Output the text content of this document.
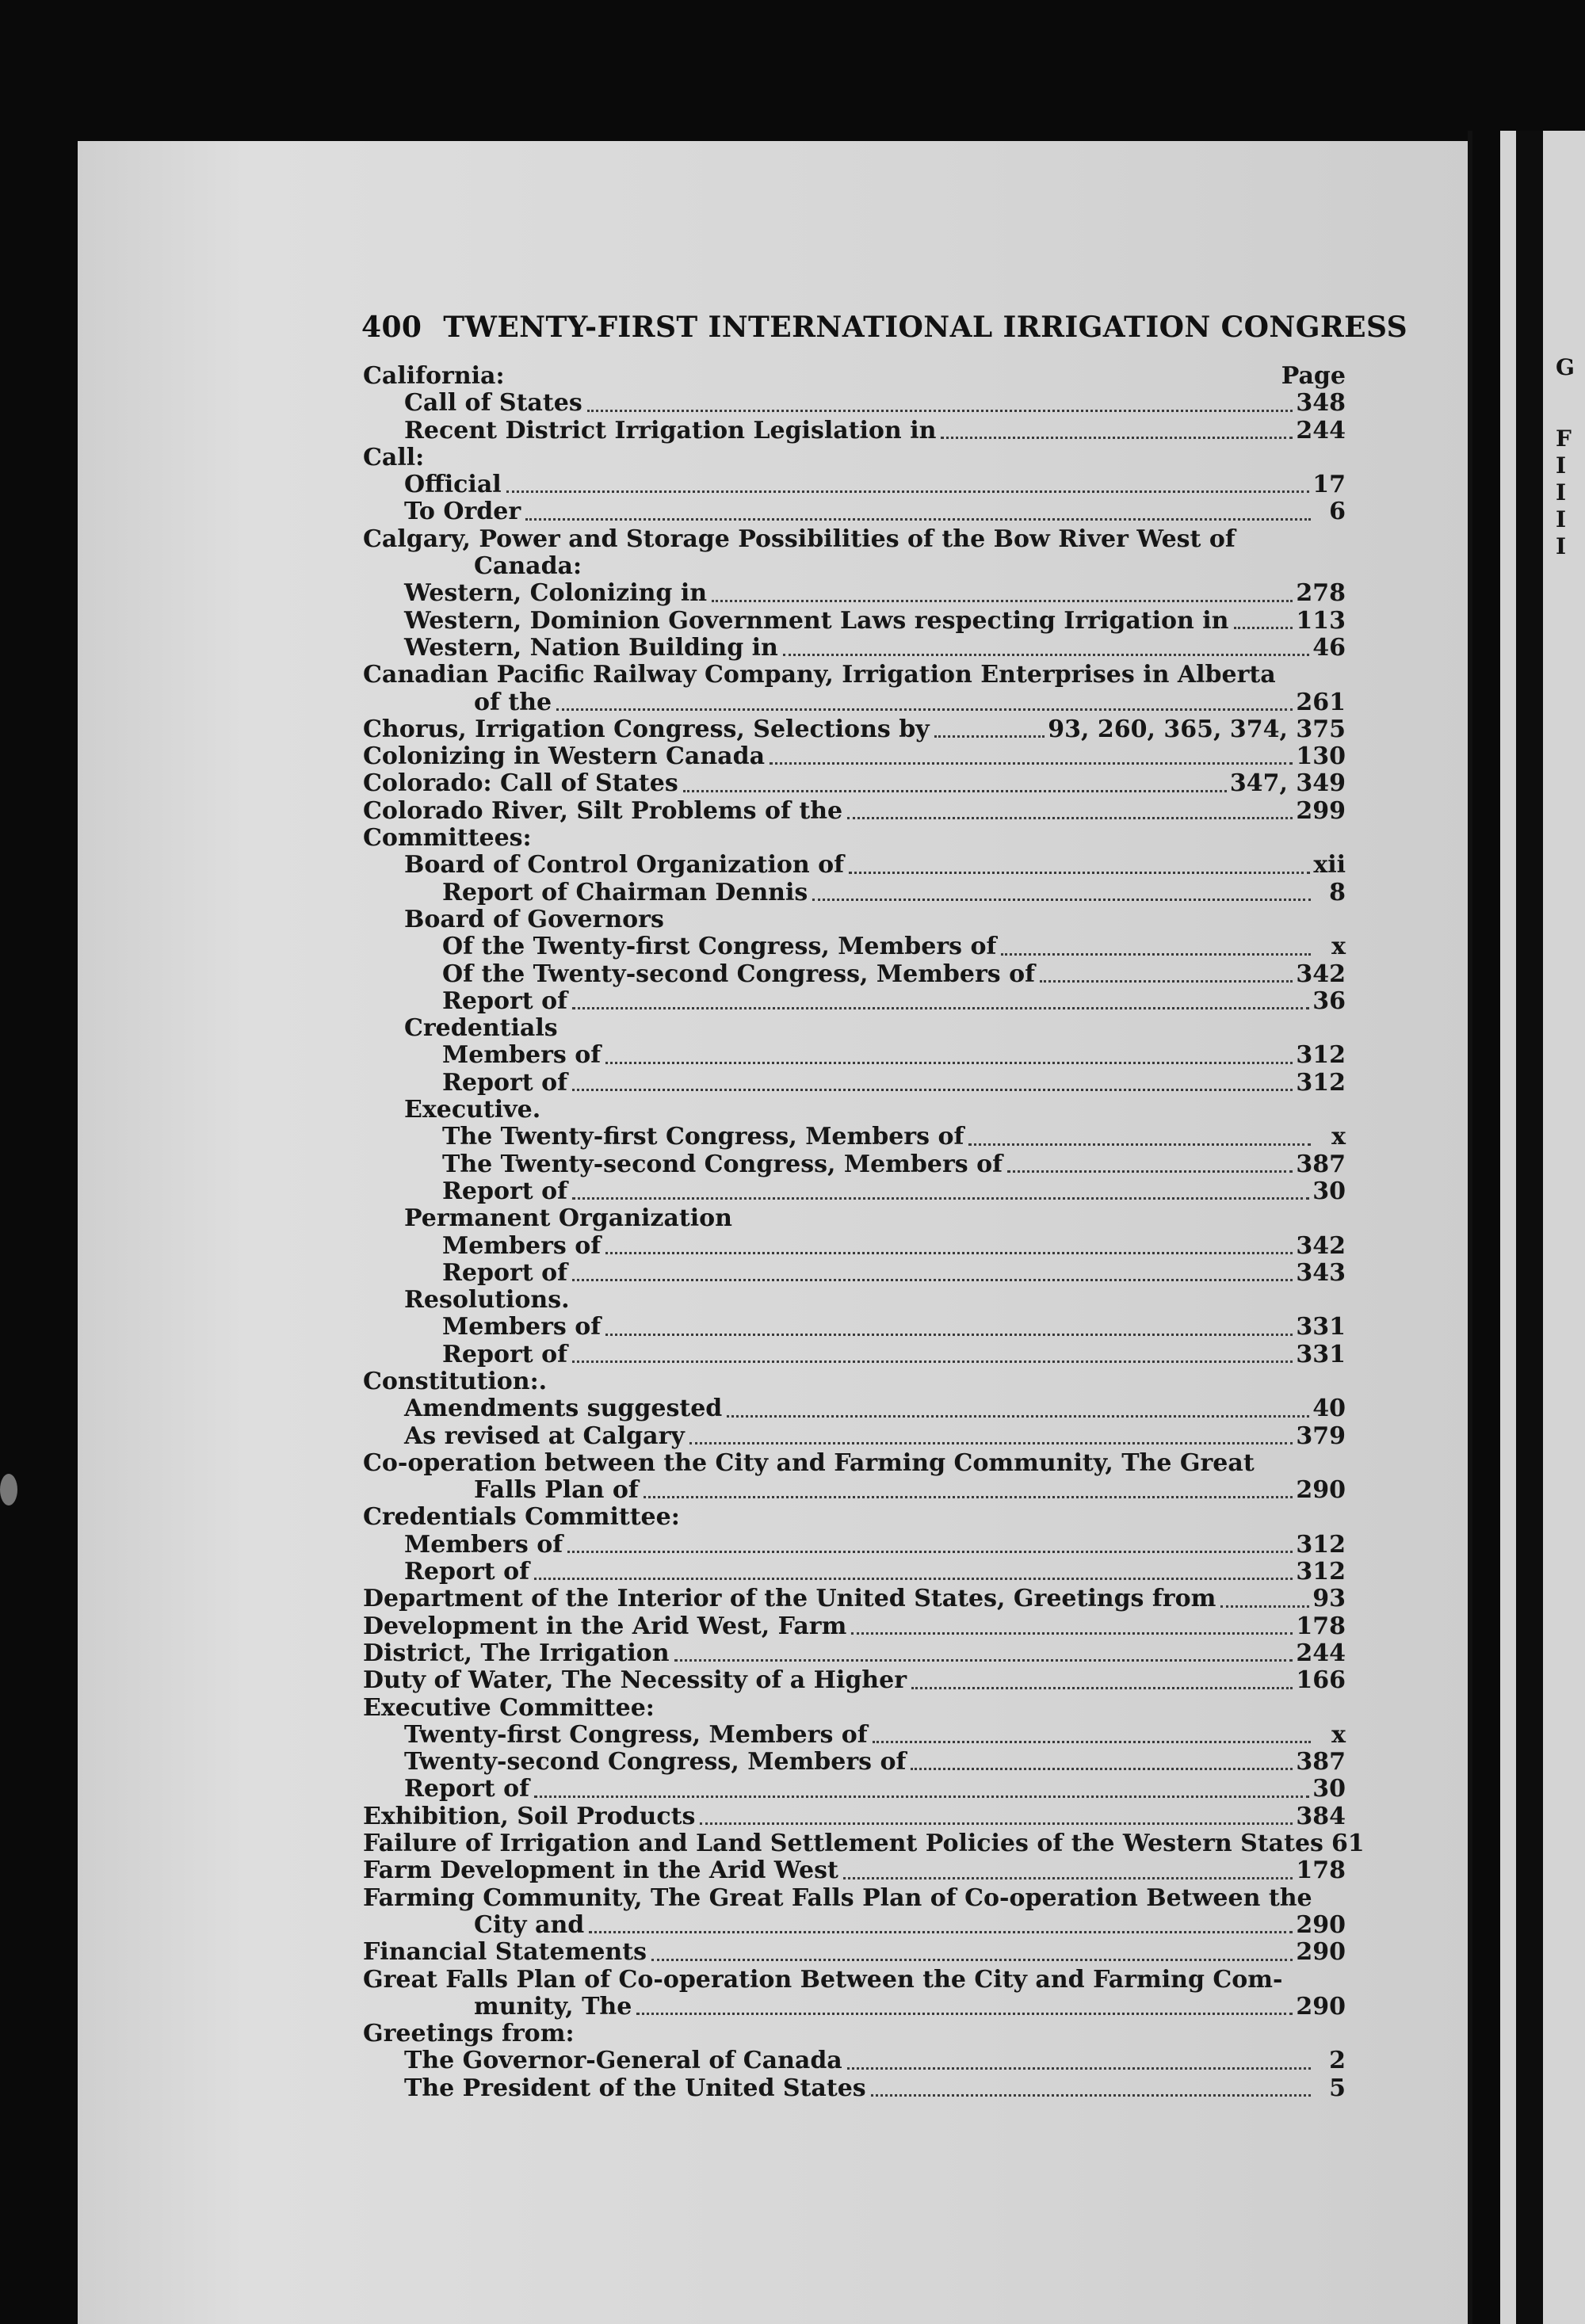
G
F
I
I
I
I
400 TWENTY-FIRST INTERNATIONAL IRRIGATION CONGRESS
California:	Page
Call of States	348
Recent District Irrigation Legislation in	244
Call:
Official	17
To Order	6
Calgary, Power and Storage Possibilities of the Bow River West of
Canada:
Western, Colonizing in	278
Western, Dominion Government Laws respecting Irrigation in	113
Western, Nation Building in	46
Canadian Pacific Railway Company, Irrigation Enterprises in Alberta
of the	261
Chorus, Irrigation Congress, Selections by	93, 260, 365, 374, 375
Colonizing in Western Canada	130
Colorado: Call of States	347, 349
Colorado River, Silt Problems of the	299
Committees:
Board of Control Organization of	xii
Report of Chairman Dennis	8
Board of Governors
Of the Twenty-first Congress, Members of	x
Of the Twenty-second Congress, Members of	342
Report of	36
Credentials
Members of	312
Report of	312
Executive.
The Twenty-first Congress, Members of	x
The Twenty-second Congress, Members of	387
Report of	30
Permanent Organization
Members of	342
Report of	343
Resolutions.
Members of	331
Report of	331
Constitution:.
Amendments suggested	40
As revised at Calgary	379
Co-operation between the City and Farming Community, The Great
Falls Plan of	290
Credentials Committee:
Members of	312
Report of	312
Department of the Interior of the United States, Greetings from	93
Development in the Arid West, Farm	178
District, The Irrigation	244
Duty of Water, The Necessity of a Higher	166
Executive Committee:
Twenty-first Congress, Members of	x
Twenty-second Congress, Members of	387
Report of	30
Exhibition, Soil Products	384
Failure of Irrigation and Land Settlement Policies of the Western States 61
Farm Development in the Arid West	178
Farming Community, The Great Falls Plan of Co-operation Between the
City and	290
Financial Statements	290
Great Falls Plan of Co-operation Between the City and Farming Com-
munity, The	290
Greetings from:
The Governor-General of Canada	2
The President of the United States	5
